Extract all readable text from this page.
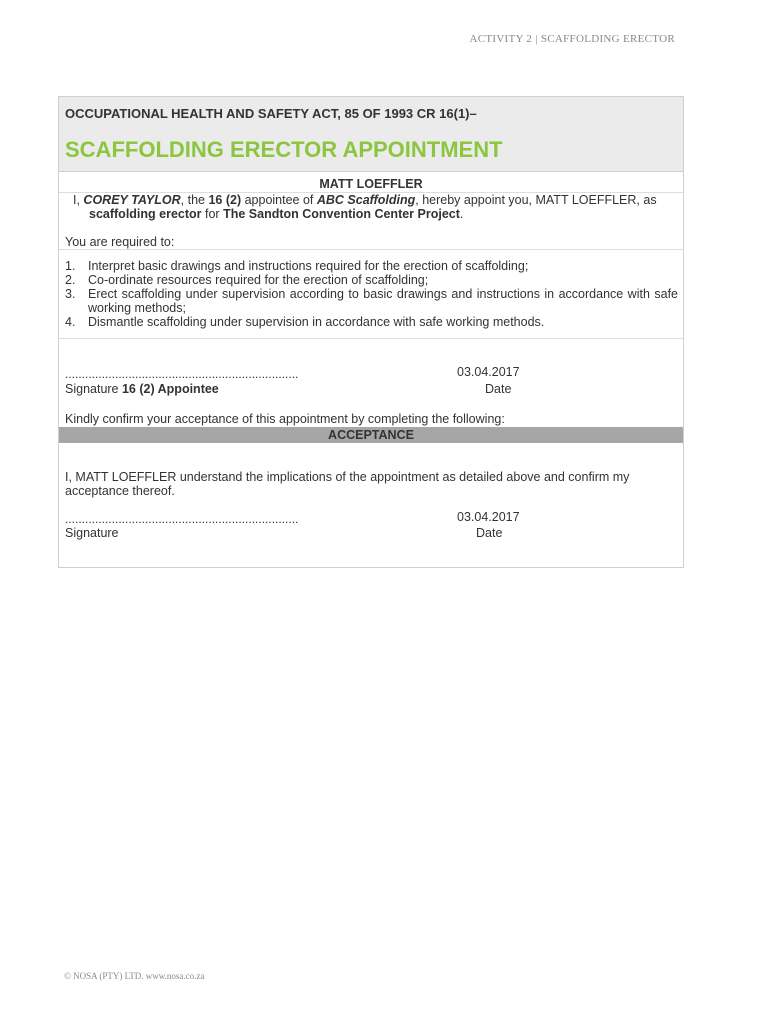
ACTIVITY 2 | SCAFFOLDING ERECTOR
OCCUPATIONAL HEALTH AND SAFETY ACT, 85 OF 1993 CR 16(1)–
SCAFFOLDING ERECTOR APPOINTMENT
MATT LOEFFLER
I, COREY TAYLOR, the 16 (2) appointee of ABC Scaffolding, hereby appoint you, MATT LOEFFLER, as
scaffolding erector for The Sandton Convention Center Project.
You are required to:
1.	Interpret basic drawings and instructions required for the erection of scaffolding;
2.	Co-ordinate resources required for the erection of scaffolding;
3.	Erect scaffolding under supervision according to basic drawings and instructions in accordance with safe working methods;
4.	Dismantle scaffolding under supervision in accordance with safe working methods.
......................................................................	03.04.2017
Signature 16 (2) Appointee	Date
Kindly confirm your acceptance of this appointment by completing the following:
ACCEPTANCE
I, MATT LOEFFLER understand the implications of the appointment as detailed above and confirm my
acceptance thereof.
......................................................................	03.04.2017
Signature	Date
© NOSA (PTY) LTD. www.nosa.co.za
